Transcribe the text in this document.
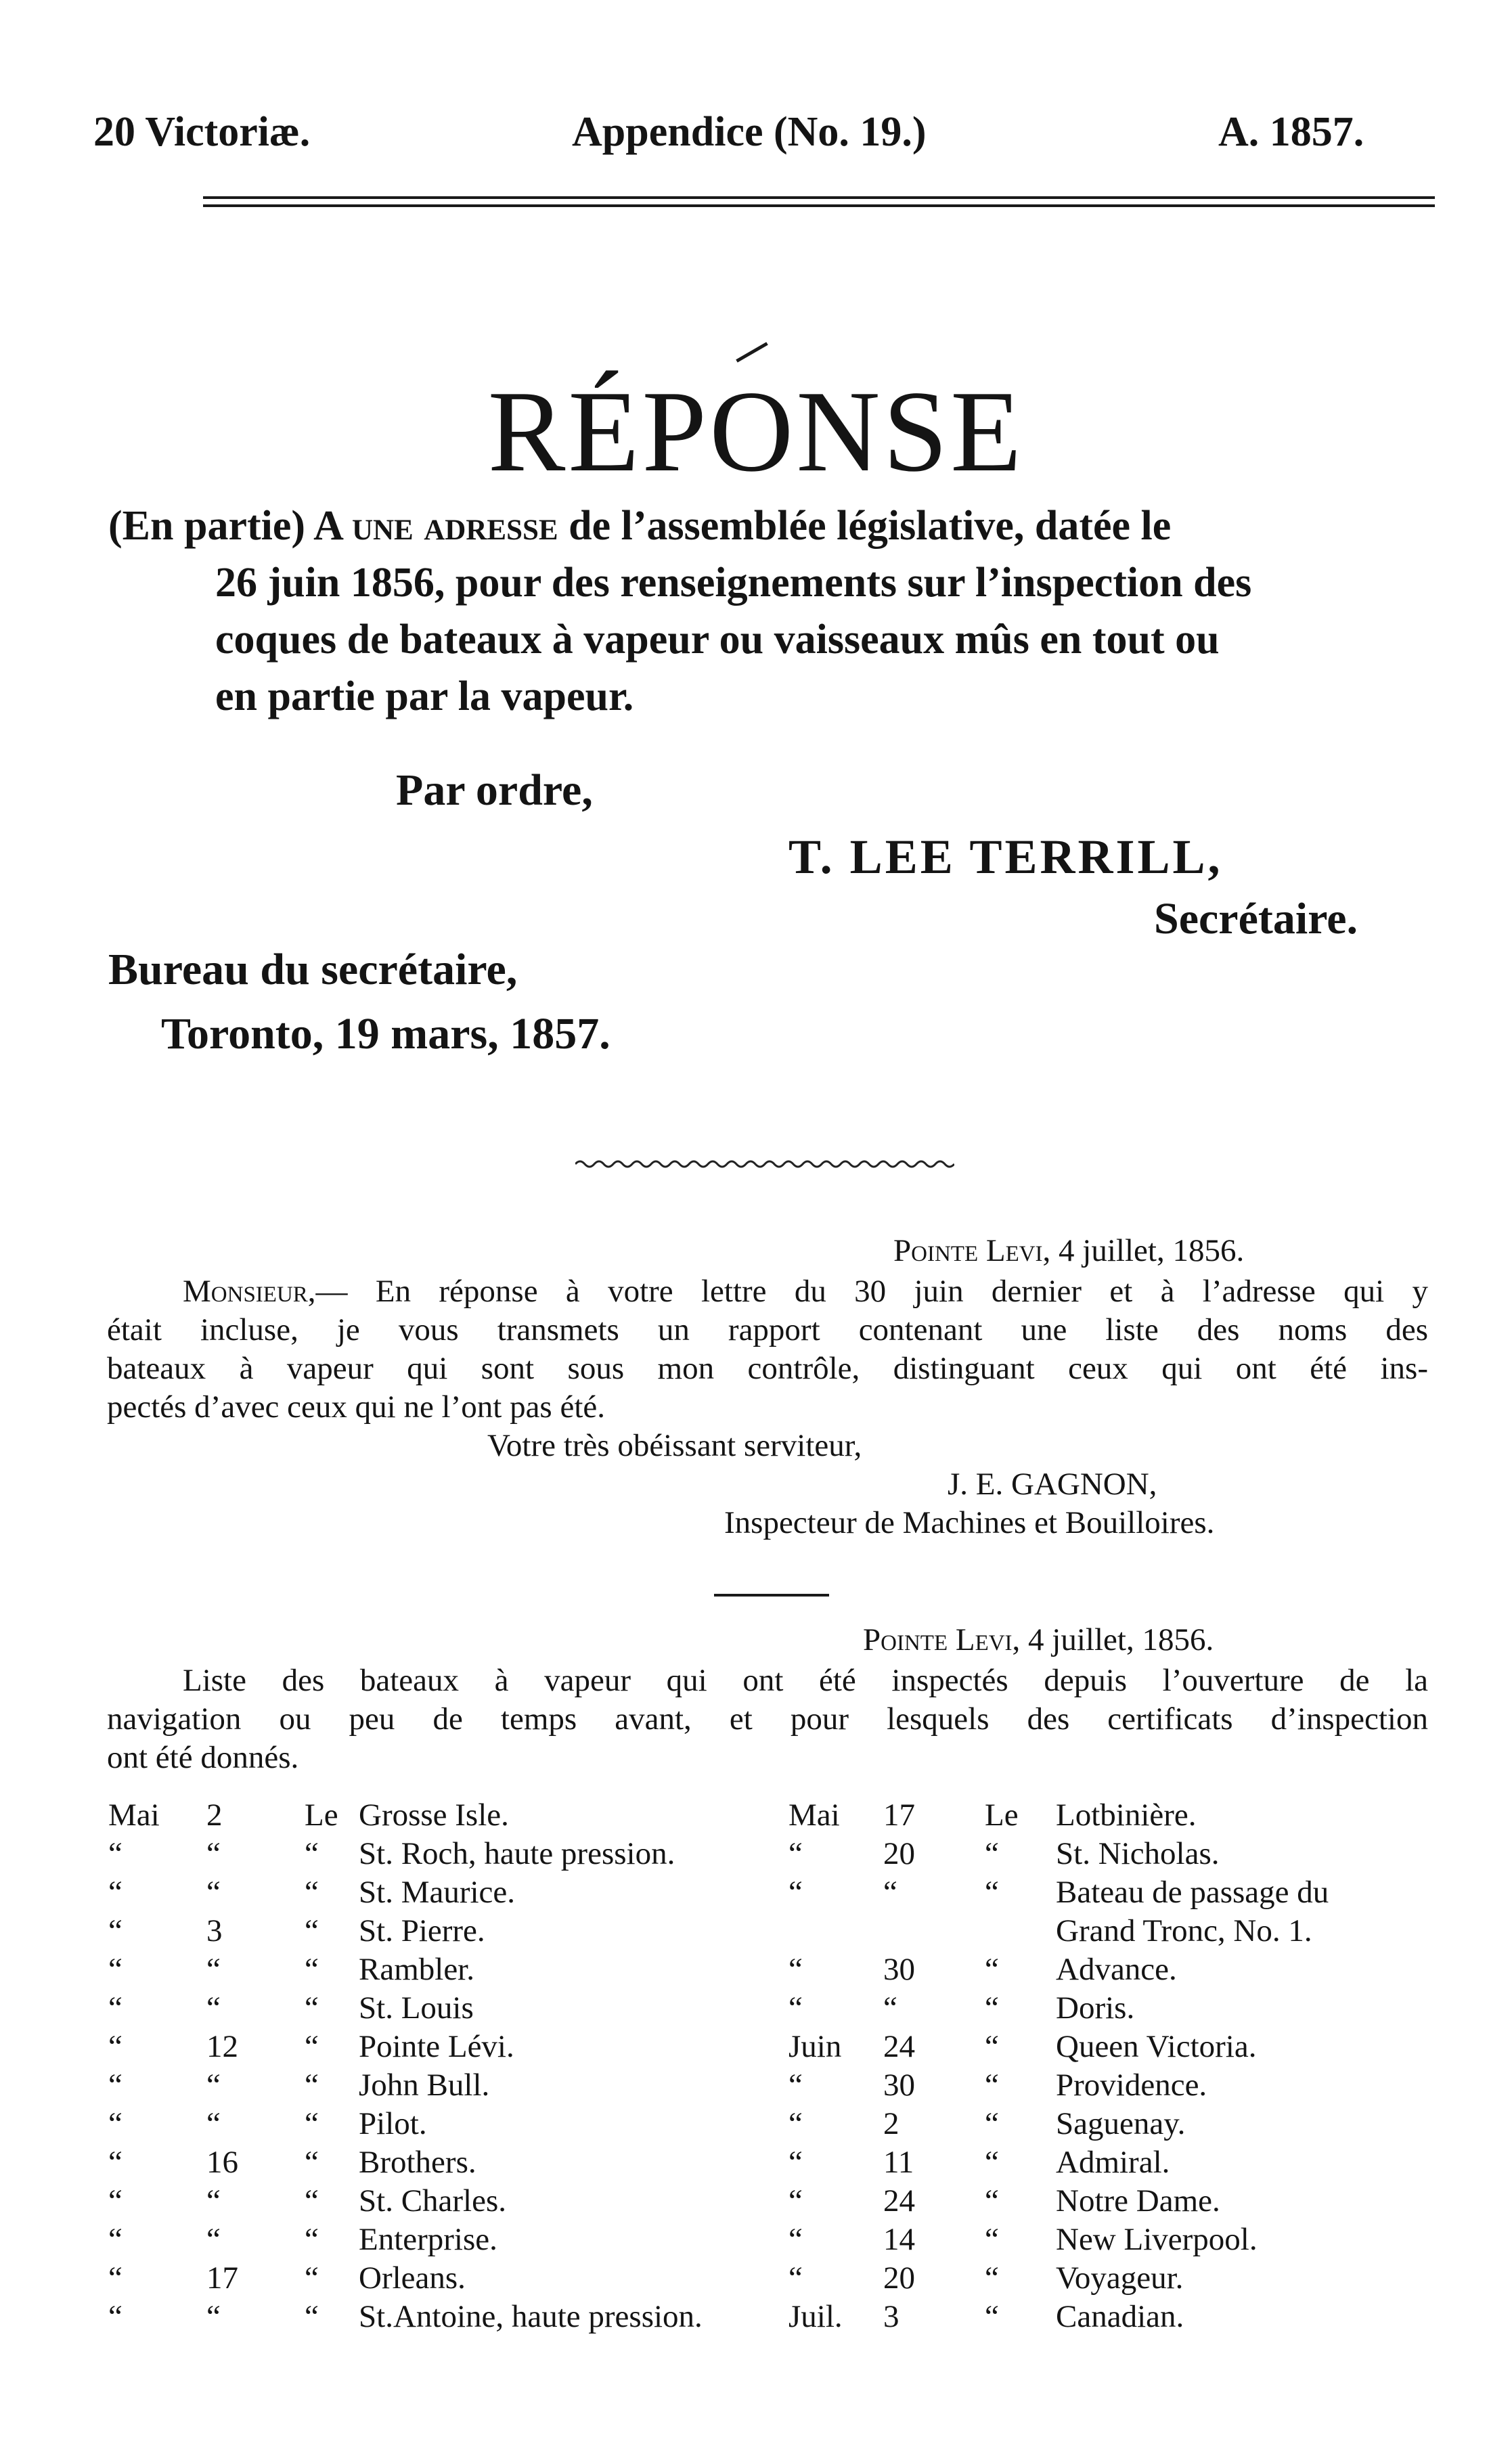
20 Victoriæ.	Appendice (No. 19.)	A. 1857.
RÉPONSE
(En partie) A une adresse de l’assemblée législative, datée le
26 juin 1856, pour des renseignements sur l’inspection des
coques de bateaux à vapeur ou vaisseaux mûs en tout ou
en partie par la vapeur.
Par ordre,
T. LEE TERRILL,
Secrétaire.
Bureau du secrétaire,
Toronto, 19 mars, 1857.
Pointe Levi, 4 juillet, 1856.
Monsieur,— En réponse à votre lettre du 30 juin dernier et à l’adresse qui y
était incluse, je vous transmets un rapport contenant une liste des noms des
bateaux à vapeur qui sont sous mon contrôle, distinguant ceux qui ont été ins-
pectés d’avec ceux qui ne l’ont pas été.
Votre très obéissant serviteur,
J. E. GAGNON,
Inspecteur de Machines et Bouilloires.
Pointe Levi, 4 juillet, 1856.
Liste des bateaux à vapeur qui ont été inspectés depuis l’ouverture de la
navigation ou peu de temps avant, et pour lesquels des certificats d’inspection
ont été donnés.
Mai 2	Le Grosse Isle.
“	“	“ St. Roch, haute pression.
“	“	“ St. Maurice.
“	3	“ St. Pierre.
“	“	“ Rambler.
“	“	“ St. Louis
“	12 “ Pointe Lévi.
“	“	“ John Bull.
“	“	“ Pilot.
“	16 “ Brothers.
“	“	“ St. Charles.
“	“	“ Enterprise.
“	17 “ Orleans.
“	“	“ St.Antoine, haute pression.
Mai 17 Le Lotbinière.
“	20 “ St. Nicholas.
“	“	“ Bateau de passage du
Grand Tronc, No. 1.
“	30 “ Advance.
“	“	“ Doris.
Juin 24 “ Queen Victoria.
“	30 “ Providence.
“	2	“ Saguenay.
“	11 “ Admiral.
“	24 “ Notre Dame.
“	14 “ New Liverpool.
“	20 “ Voyageur.
Juil. 3	“ Canadian.
